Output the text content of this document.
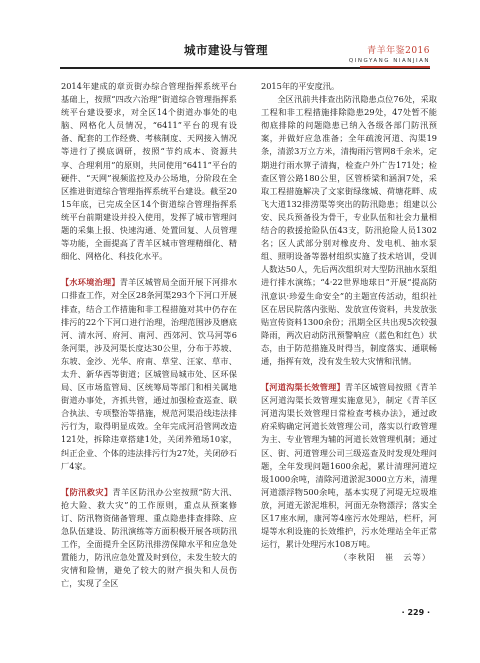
城市建设与管理	青羊年鉴2016
QINGYANG NIANJIAN

2014年建成的章贡街办综合管理指挥系统平台基础上，按照“四改六治理”街道综合管理指挥系统平台建设要求，对全区14个街道办事处的电脑、网格化人员情况，“6411”平台的现有设备、配套的工作经费、考核制度、天网接入情况等进行了摸底调研，按照“节约成本、资源共享、合理利用”的原则，共同使用“6411”平台的硬件、“天网”视频监控及办公场地，分阶段在全区推进街道综合管理指挥系统平台建设。截至2015年底，已完成全区14个街道综合管理指挥系统平台前期建设并投入使用，发挥了城市管理问题的采集上报、快速沟通、处置回复、人员管理等功能，全面提高了青羊区城市管理精细化、精细化、网格化、科技化水平。

【水环境治理】青羊区城管局全面开展下河排水口排查工作，对全区28条河渠293个下河口开展排查，结合工作措施和非工程措施对其中仍存在排污的22个下河口进行治理，治理范围涉及磨底河、清水河、府河、南河、西郊河、饮马河等6条河渠，涉及河渠长度达30公里，分布于苏坡、东坡、金沙、光华、府南、草堂、汪家、草市、太升、新华西等街道；区城管局城市处、区环保局、区市场监管局、区统筹局等部门和相关属地街道办事处，齐抓共管，通过加强检查巡查、联合执法、专项整治等措施，规范河渠沿线违法排污行为，取得明显成效。全年完成河沿管网改造121处，拆除违章搭建1处，关闭养殖场10家，纠正企业、个体的违法排污行为27处，关闭砂石厂4家。

【防汛救灾】青羊区防汛办公室按照“防大汛、抢大险、救大灾”的工作原则，重点从预案修订、防汛物资储备管理、重点隐患排查排除、应急队伍建设、防汛演练等方面积极开展各项防汛工作，全面提升全区防汛排涝保障水平和应急处置能力，防汛应急处置及时到位，未发生较大的灾情和险情，避免了较大的财产损失和人员伤亡，实现了全区

2015年的平安度汛。

全区汛前共排查出防汛隐患点位76处，采取工程和非工程措施排除隐患29处，47处暂不能彻底排除的问题隐患已纳入各级各部门防汛预案，并做好应急准备；全年疏浚河道、沟渠19条，清淤3万立方米，清掏雨污管网8千余米，定期进行雨水箅子清掏，检查户外广告171处；检查区管公路180公里，区管桥梁和涵洞7处，采取工程措施解决了文家街绿缘城、荷塘花畔、成飞大道132排涝渠等突出的防汛隐患；组建以公安、民兵预备役为骨干，专业队伍和社会力量相结合的救援抢险队伍43支，防汛抢险人员1302名；区人武部分别对橡皮舟、发电机、抽水泵组、照明设备等器材组织实施了技术培训，受训人数达50人，先后两次组织对大型防汛抽水泵组进行排水演练；“4·22世界地球日”开展“提高防汛意识·珍爱生命安全”的主题宣传活动，组织社区在居民院落内张贴、发放宣传资料，共发放张贴宣传资料1300余份；汛期全区共出现5次较强降雨，两次启动防汛预警响应（蓝色和红色）状态，由于防范措施及时得当，制度落实、通联畅通，指挥有效，没有发生较大灾情和汛情。

【河道沟渠长效管理】青羊区城管局按照《青羊区河道沟渠长效管理实施意见》，制定《青羊区河道沟渠长效管理日常检查考核办法》，通过政府采购确定河道长效管理公司，落实以行政管理为主、专业管理为辅的河道长效管理机制；通过区、街、河道管理公司三级巡查及时发现处理问题，全年发现问题1600余起，累计清理河道垃圾1000余吨，清除河道淤泥3000立方米，清理河道漂浮物500余吨，基本实现了河堤无垃圾堆放，河道无淤泥堆积，河面无杂物漂浮；落实全区17座水闸，康河等4座污水处理站，栏杆，河堤等水利设施的长效维护，污水处理站全年正常运行，累计处理污水108万吨。
（李秋阳　崔　云等）

· 229 ·
